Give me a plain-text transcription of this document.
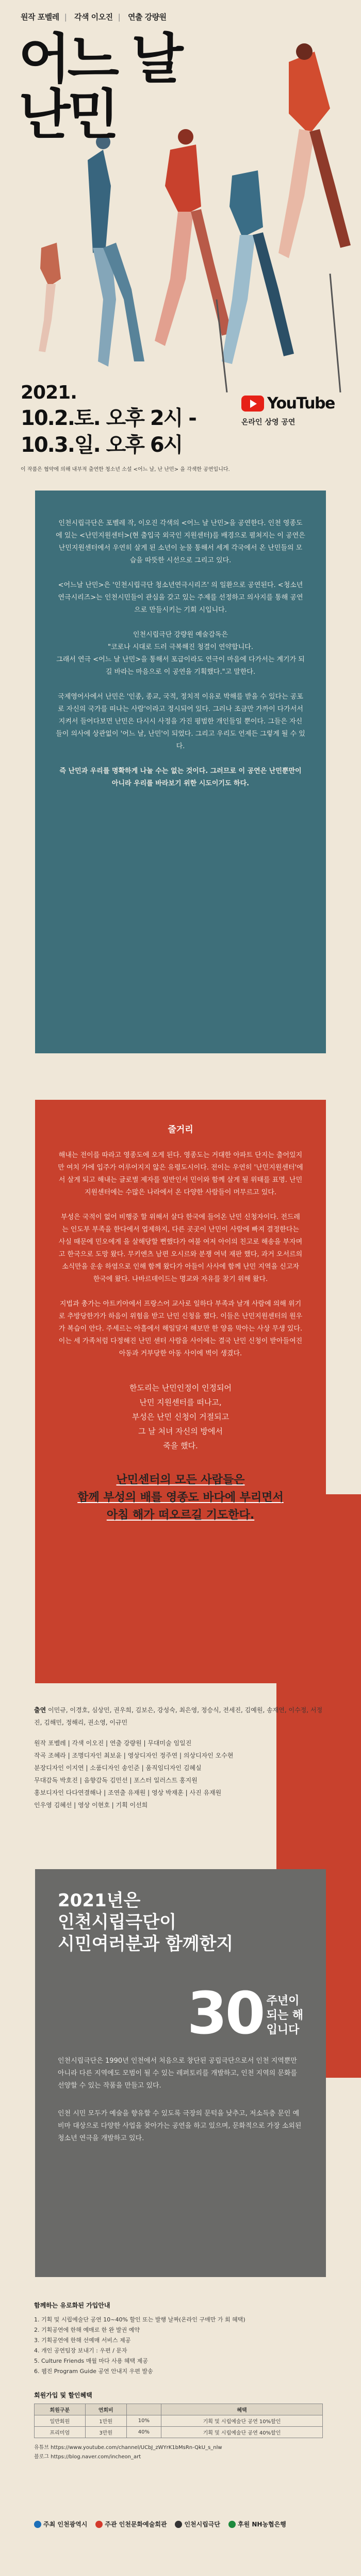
원작 포벨레 | 각색 이오진 | 연출 강량원
어느 날
난민
2021.
10.2.토. 오후 2시 -
10.3.일. 오후 6시
YouTube
온라인 상영 공연
이 작품은 협약에 의해 내부적 출연한 청소년 소설 <어느 날, 난 난민> 을 각색한 공연입니다.

인천시립극단은 포벨레 작, 이오진 각색의 <어느 날 난민>을 공연한다. 인천 영종도에 있는 <난민지원센터>(현 출입국 외국인 지원센터)를 배경으로 펼쳐지는 이 공연은 난민지원센터에서 우연히 살게 된 소년이 눈물 통해서 세계 각국에서 온 난민들의 모습을 따뜻한 시선으로 그리고 있다.

<어느날 난민>은 '인천시립극단 청소년연극시리즈' 의 일환으로 공연된다. <청소년연극시리즈>는 인천시민들이 관심을 갖고 있는 주제를 선정하고 의사지를 통해 공연으로 만들시키는 기회 시입니다.

인천시립극단 강량원 예술감독은
"코로나 시대로 드러 극복해진 청결이 연약합니다.
그래서 연극 <어느 날 난민>을 통해서 포급이라도 연극이 마음에 다가서는 계기가 되길 바라는 마음으로 이 공연을 기획했다."고 말한다.

국제영어사에서 난민은 '인종, 종교, 국적, 정치적 이유로 박해를 받을 수 있다는 공포로 자신의 국가를 떠나는 사람'이라고 정시되어 있다. 그러나 조금만 가까이 다가서서 지켜서 들어다보면 난민은 다시시 사정을 가진 평범한 개인들일 뿐이다. 그들은 자신들이 의사에 상관없이 '어느 날, 난민'이 되었다. 그리고 우리도 언제든 그렇게 될 수 있다.

즉 난민과 우리를 명확하게 나눌 수는 없는 것이다. 그러므로 이 공연은 난민뿐만이 아니라 우리를 바라보기 위한 시도이기도 하다.

줄거리

해내는 전이를 따라고 영종도에 오게 된다. 영종도는 거대한 아파트 단지는 출어있지만 여치 가에 입주가 어루어지지 않은 유령도시이다. 전이는 우연히 '난민지원센터'에서 살게 되고 해내는 글로벌 제자를 일반인서 민이와 함께 살게 될 위태를 표명. 난민지원센터에는 수많은 나라에서 온 다양한 사람들이 머무르고 있다.

부성은 국적이 없어 비행중 할 위해서 살다 한국에 들어온 난민 신청자이다. 전드레는 인도부 부족을 한다에서 엽제하지, 다른 곳곳이 난민이 사람에 빠져 결정한다는 사실 때문에 민오에게 을 살해당할 뻔했다가 여불 여저 아이의 친고로 해송을 부자며고 한국으로 도망 왔다. 무키엔츠 남편 오시르와 분쟁 여녁 재판 했다, 과거 오서르의 소식만을 운송 하염으로 인해 함께 왔다가 아들이 사사에 함께 난민 지역을 신고자 한국에 왔다. 나바르데이드는 명교와 자유를 찾기 위해 왔다.

지법과 총가는 아트키아에서 프랑스어 교사로 일하다 부족과 날개 사람에 의해 위기로 추방당한가가 하음이 위험을 받고 난민 신청을 했다. 이들은 난민지원센터의 원우가 복습이 안다. 주세르는 아흘에서 해일달자 해보만 한 양을 막아는 사상 무생 있다. 이는 세 가족처럼 다정해진 난민 센터 사람을 사이에는 결국 난민 신청이 받아들여진 아동과 거부당한 아동 사이에 벽이 생겼다.

한도리는 난민인정이 인정되어
난민 지원센터를 떠나고,
부성은 난민 신청이 거절되고
그 날 처녀 자신의 방에서
죽을 했다.
난민센터의 모든 사람들은
함께 부성의 배를 영종도 바다에 부리면서
아침 해가 떠오르길 기도한다.

출연 이민규, 이경호, 심상민, 권우희, 김보은, 강성숙, 최은영, 정승식, 전세진, 김예원, 송재연, 이수정, 서정진, 김해민, 정해리, 권소영, 이규민

원작 포벨레 | 각색 이오진 | 연출 강량원 | 무대미술 임일진
작곡 조혜라 | 조명디자인 최보윤 | 영상디자인 정주연 | 의상디자인 오수현
분장디자인 이지연 | 소품디자인 송인준 | 움직임디자인 김혜실
무대감독 박호진 | 음향감독 김민선 | 포스터 일러스트 홍지원
홍보디자인 다다연결해나 | 조연출 유재원 | 영상 박재훈 | 사진 유재원
인우영 김혜선 | 영상 이현호 | 기획 이선희
2021년은
인천시립극단이
시민여러분과 함께한지
30 주년이
되는 해
입니다

인천시립극단은 1990년 인천에서 처음으로 창단된 공립극단으로서 인천 지역뿐만 아니라 다른 지역에도 모범이 될 수 있는 레퍼토리를 개발하고, 인천 지역의 문화를 선양할 수 있는 작품을 만들고 있다.

인천 시민 모두가 예술을 향유할 수 있도록 극장의 문턱을 낮추고, 저소득층 문인 예비마 대상으로 다양한 사업을 찾아가는 공연을 하고 있으며, 문화적으로 가장 소외된 청소년 연극을 개발하고 있다.

함께하는 유로화된 가입안내
1. 기획 및 시립예술단 공연 10~40% 할인 또는 발행 날짜(온라인 구매만 가 회 혜택)
2. 기획공연에 한해 예매로 한 완 발권 예약
3. 기획공연에 한해 선예매 서비스 제공
4. 개인 공연팀장 보내기 : 우편 / 문자
5. Culture Friends 매월 마다 사용 혜택 제공
6. 웹진 Program Guide 공연 안내지 우편 발송
회원가입 및 할인혜택
회원구분	연회비		혜택
일반회원	1만원	10%	기획 및 시립예술단 공연 10%할인
프리미엄	3만원	40%	기획 및 시립예술단 공연 40%할인
유튜브 https://www.youtube.com/channel/UCbJ_zWYrK1bMsRn-QkU_s_nlw
블로그 https://blog.naver.com/incheon_art
주최 인천광역시	주관 인천문화예술회관	인천시립극단	후원 NH농협은행
